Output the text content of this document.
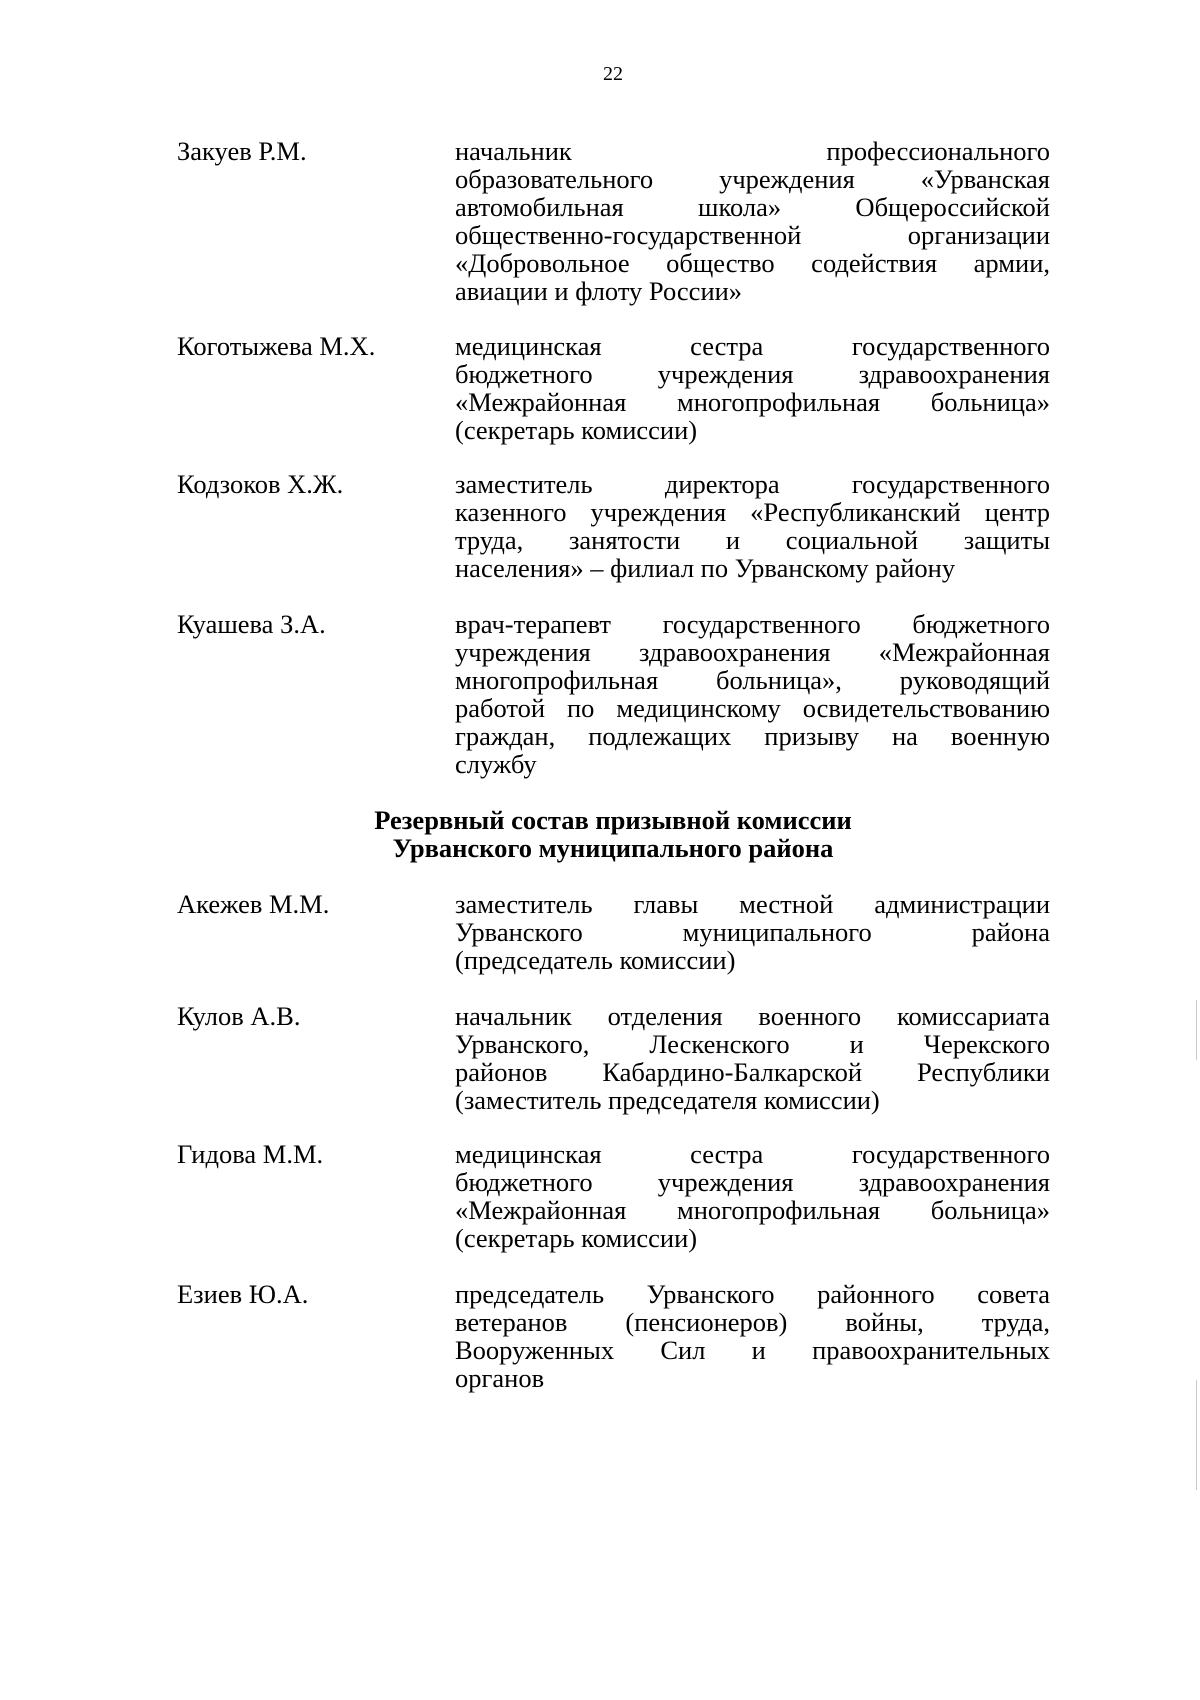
22
Закуев Р.М.	начальник профессионального
образовательного учреждения «Урванская
автомобильная школа» Общероссийской
общественно-государственной организации
«Добровольное общество содействия армии,
авиации и флоту России»
Коготыжева М.Х.	медицинская сестра государственного
бюджетного учреждения здравоохранения
«Межрайонная многопрофильная больница»
(секретарь комиссии)
Кодзоков Х.Ж.	заместитель директора государственного
казенного учреждения «Республиканский центр
труда, занятости и социальной защиты
населения» – филиал по Урванскому району
Куашева З.А.	врач-терапевт государственного бюджетного
учреждения здравоохранения «Межрайонная
многопрофильная больница», руководящий
работой по медицинскому освидетельствованию
граждан, подлежащих призыву на военную
службу
Резервный состав призывной комиссии
Урванского муниципального района
Акежев М.М.	заместитель главы местной администрации
Урванского муниципального района
(председатель комиссии)
Кулов А.В.	начальник отделения военного комиссариата
Урванского, Лескенского и Черекского
районов Кабардино-Балкарской Республики
(заместитель председателя комиссии)
Гидова М.М.	медицинская сестра государственного
бюджетного учреждения здравоохранения
«Межрайонная многопрофильная больница»
(секретарь комиссии)
Езиев Ю.А.	председатель Урванского районного совета
ветеранов (пенсионеров) войны, труда,
Вооруженных Сил и правоохранительных
органов
